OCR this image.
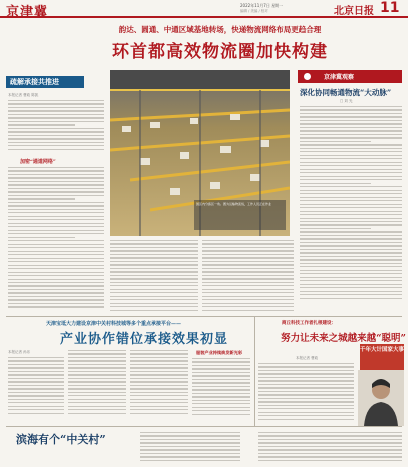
京津冀	2022年11月7日 星期一
编辑 / 美编 / 校对	北京日报 11
韵达、圆通、中通区域基地转场，快递物流网络布局更趋合理
环首都高效物流圈加快构建
疏解承接共推进
本报记者 曹政 陈凯
加密“通道网络”
园区内分拣区一角。图为运输物流线，工作人员正在作业
京津冀观察
深化协同畅通物流“大动脉”
□ 刘 光
天津宝坻大力建设京津中关村科技城等多个重点承接平台——
产业协作错位承接效果初显
本报记者 孙乐	服装产业持续焕发新光彩
商丘科技工作者扎根建设：
努力让未来之城越来越“聪明”
千年大计国家大事
本报记者 曹政
滨海有个“中关村”
